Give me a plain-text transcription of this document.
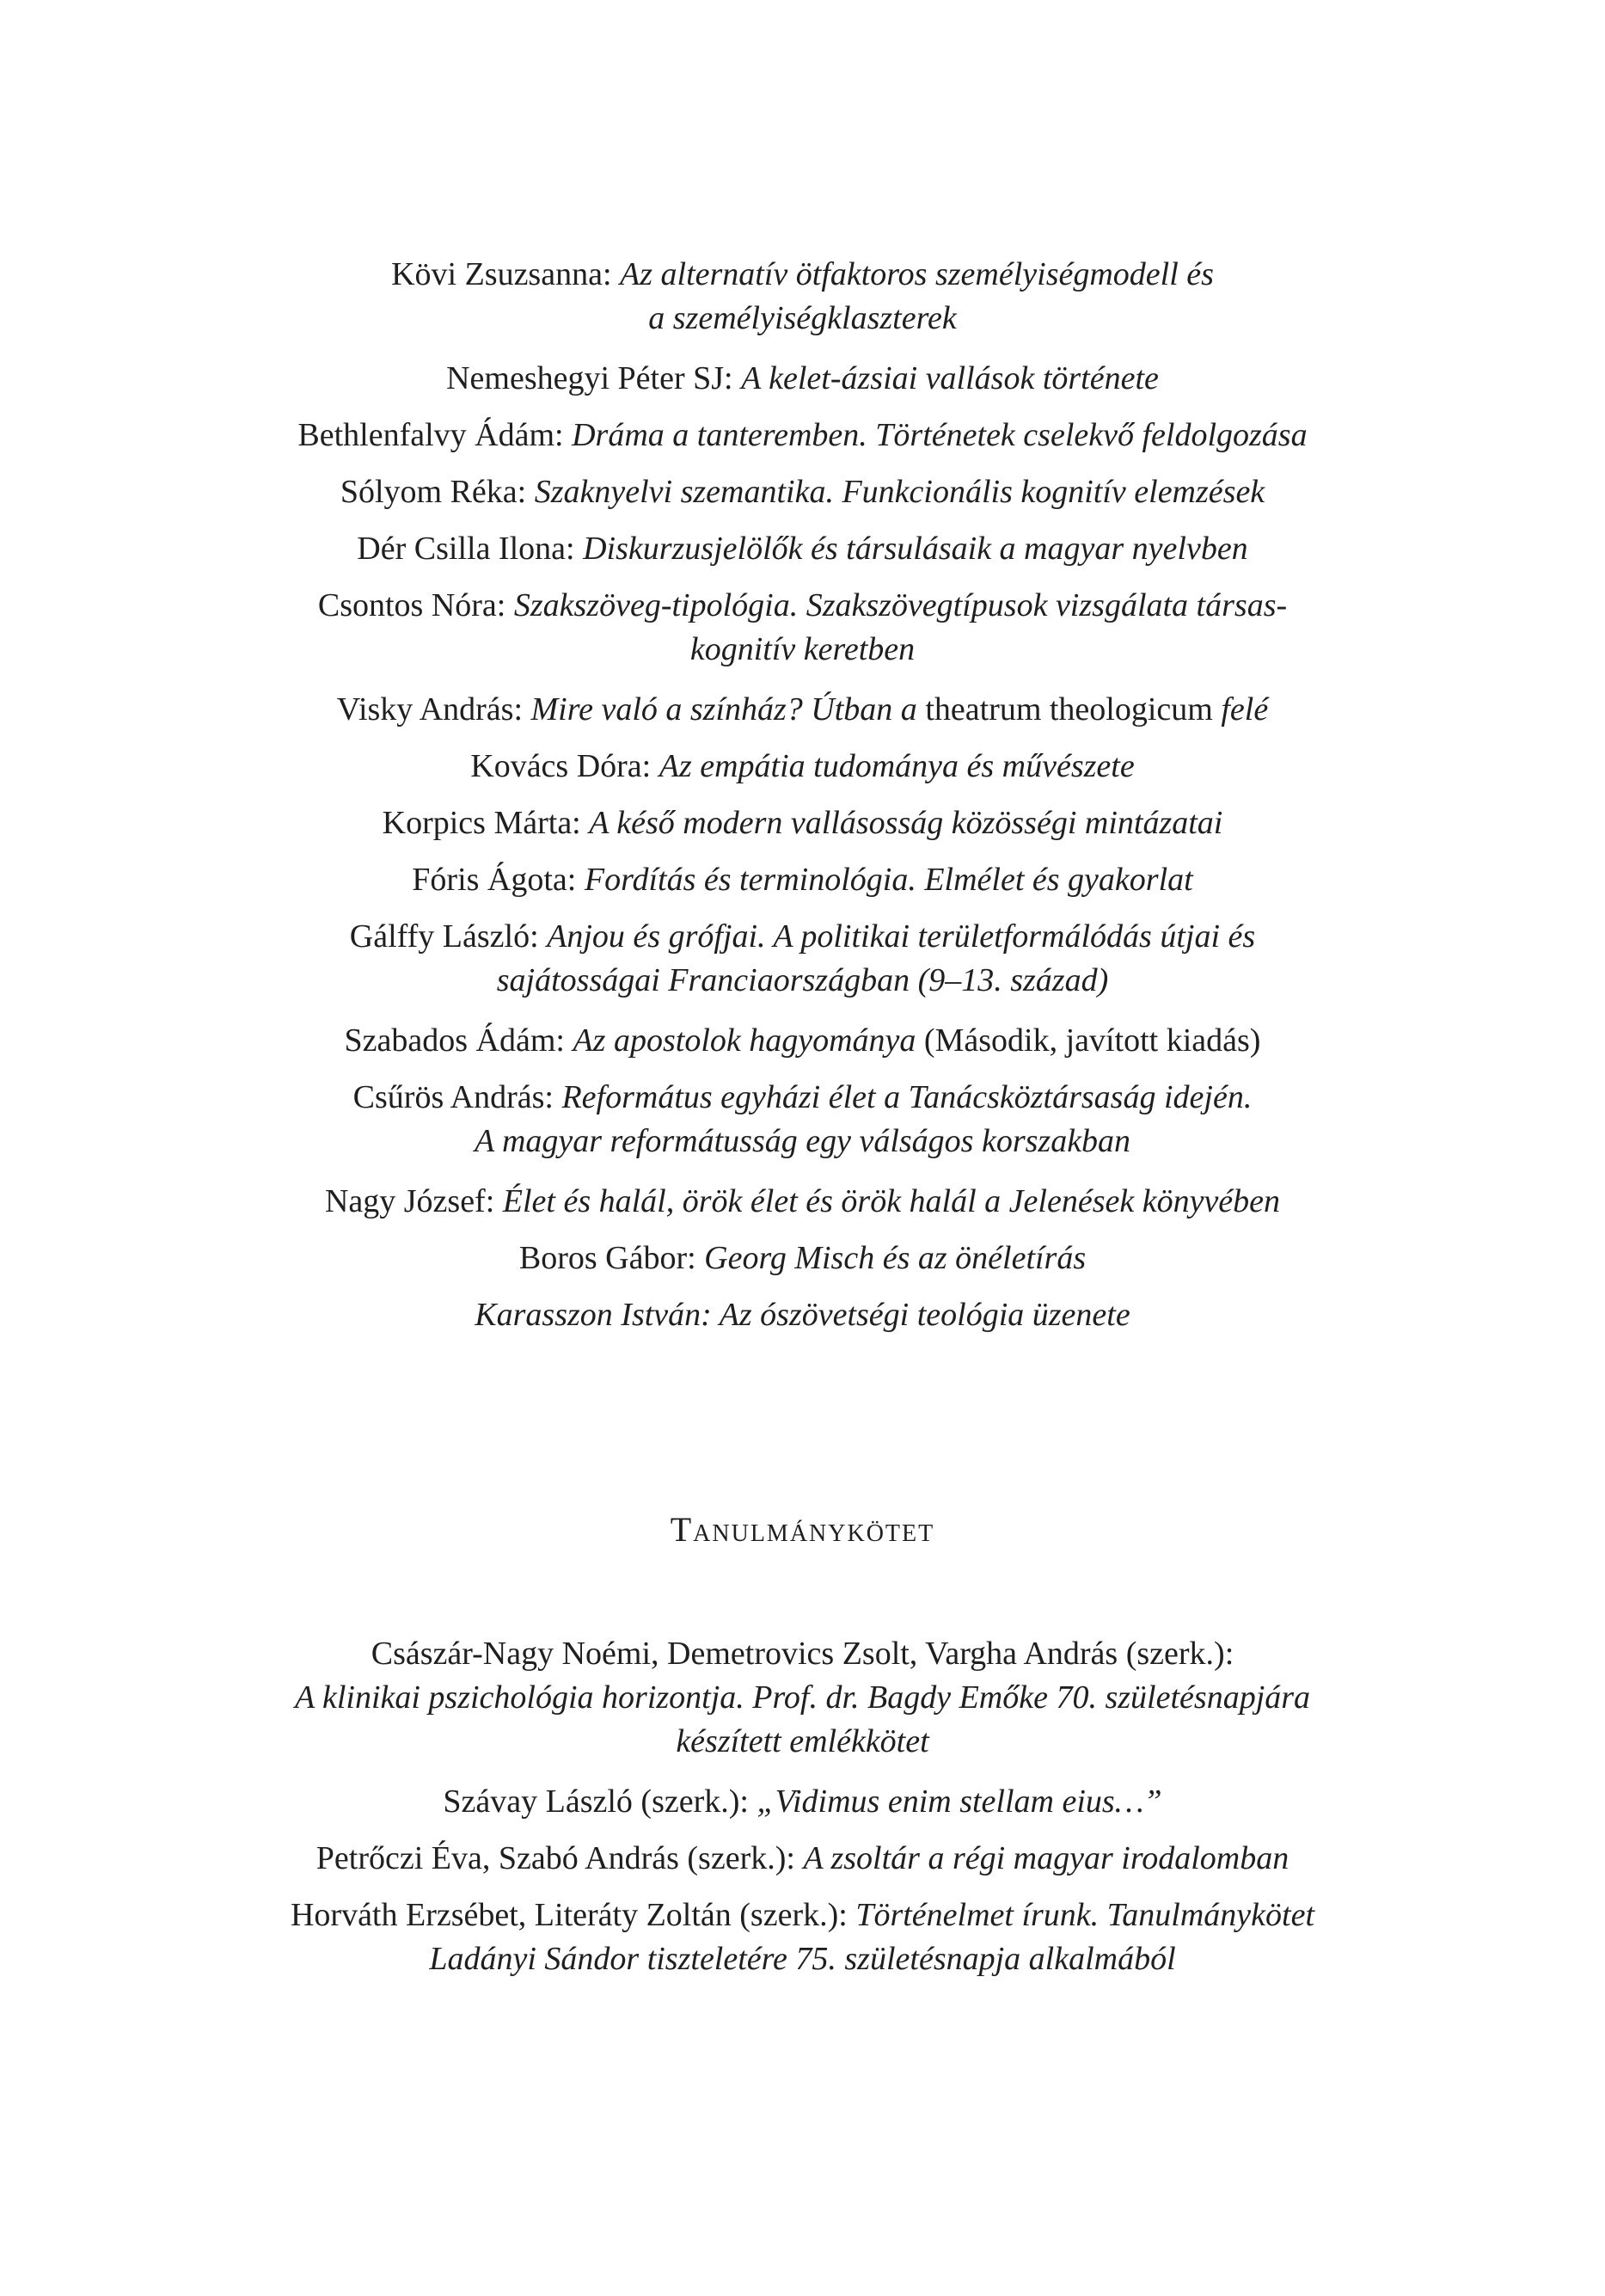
Kövi Zsuzsanna: Az alternatív ötfaktoros személyiségmodell és
a személyiségklaszterek
Nemeshegyi Péter SJ: A kelet-ázsiai vallások története
Bethlenfalvy Ádám: Dráma a tanteremben. Történetek cselekvő feldolgozása
Sólyom Réka: Szaknyelvi szemantika. Funkcionális kognitív elemzések
Dér Csilla Ilona: Diskurzusjelölők és társulásaik a magyar nyelvben
Csontos Nóra: Szakszöveg-tipológia. Szakszövegtípusok vizsgálata társas-
kognitív keretben
Visky András: Mire való a színház? Útban a theatrum theologicum felé
Kovács Dóra: Az empátia tudománya és művészete
Korpics Márta: A késő modern vallásosság közösségi mintázatai
Fóris Ágota: Fordítás és terminológia. Elmélet és gyakorlat
Gálffy László: Anjou és grófjai. A politikai területformálódás útjai és
sajátosságai Franciaországban (9–13. század)
Szabados Ádám: Az apostolok hagyománya (Második, javított kiadás)
Csűrös András: Református egyházi élet a Tanácsköztársaság idején.
A magyar reformátusság egy válságos korszakban
Nagy József: Élet és halál, örök élet és örök halál a Jelenések könyvében
Boros Gábor: Georg Misch és az önéletírás
Karasszon István: Az ószövetségi teológia üzenete
Tanulmánykötet
Császár-Nagy Noémi, Demetrovics Zsolt, Vargha András (szerk.):
A klinikai pszichológia horizontja. Prof. dr. Bagdy Emőke 70. születésnapjára
készített emlékkötet
Szávay László (szerk.): „Vidimus enim stellam eius…”
Petrőczi Éva, Szabó András (szerk.): A zsoltár a régi magyar irodalomban
Horváth Erzsébet, Literáty Zoltán (szerk.): Történelmet írunk. Tanulmánykötet
Ladányi Sándor tiszteletére 75. születésnapja alkalmából
